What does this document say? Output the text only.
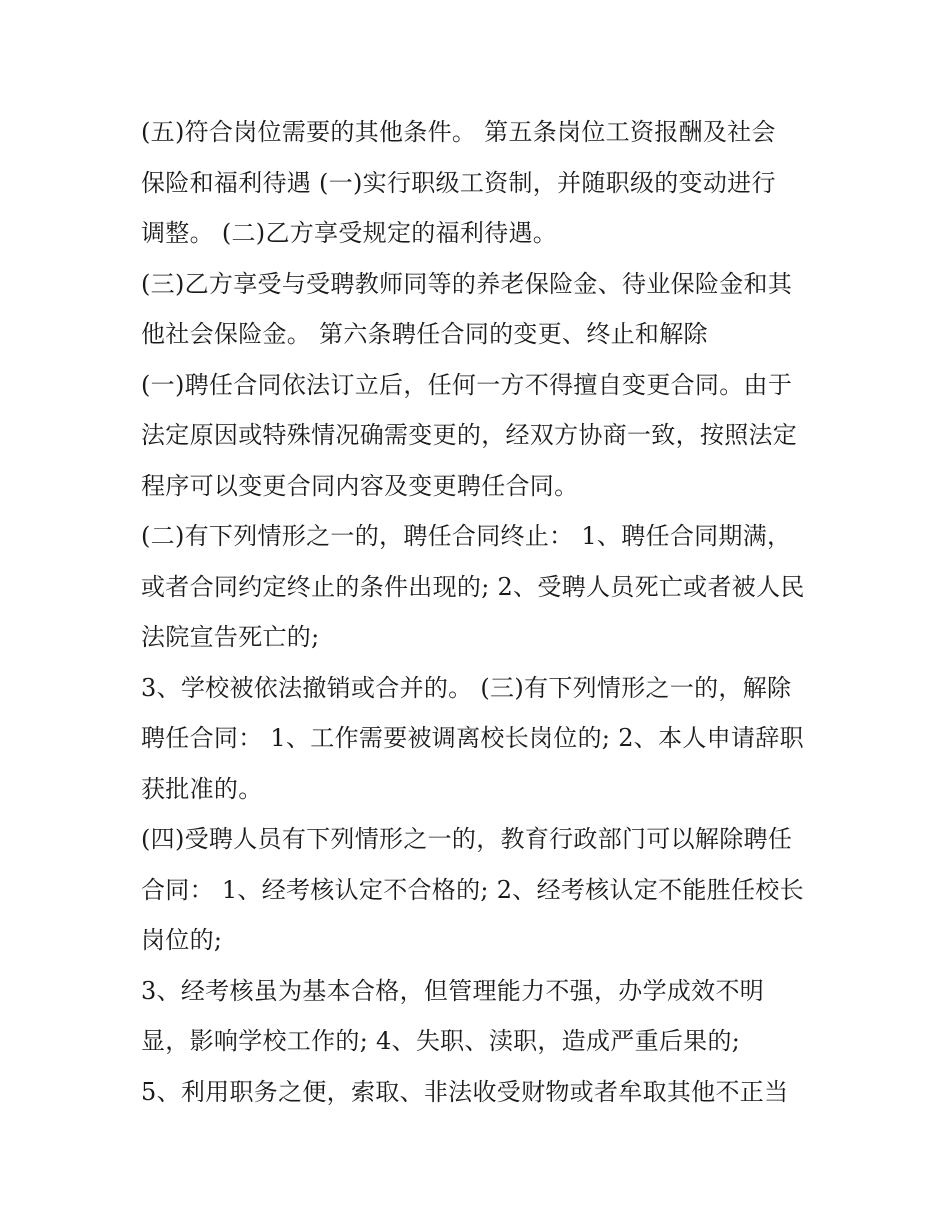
(五)符合岗位需要的其他条件。 第五条岗位工资报酬及社会
保险和福利待遇 (一)实行职级工资制，并随职级的变动进行
调整。 (二)乙方享受规定的福利待遇。
(三)乙方享受与受聘教师同等的养老保险金、待业保险金和其
他社会保险金。 第六条聘任合同的变更、终止和解除
(一)聘任合同依法订立后，任何一方不得擅自变更合同。由于
法定原因或特殊情况确需变更的，经双方协商一致，按照法定
程序可以变更合同内容及变更聘任合同。
(二)有下列情形之一的，聘任合同终止： 1、聘任合同期满，
或者合同约定终止的条件出现的; 2、受聘人员死亡或者被人民
法院宣告死亡的;
3、学校被依法撤销或合并的。 (三)有下列情形之一的，解除
聘任合同： 1、工作需要被调离校长岗位的; 2、本人申请辞职
获批准的。
(四)受聘人员有下列情形之一的，教育行政部门可以解除聘任
合同： 1、经考核认定不合格的; 2、经考核认定不能胜任校长
岗位的;
3、经考核虽为基本合格，但管理能力不强，办学成效不明
显，影响学校工作的; 4、失职、渎职，造成严重后果的;
5、利用职务之便，索取、非法收受财物或者牟取其他不正当
